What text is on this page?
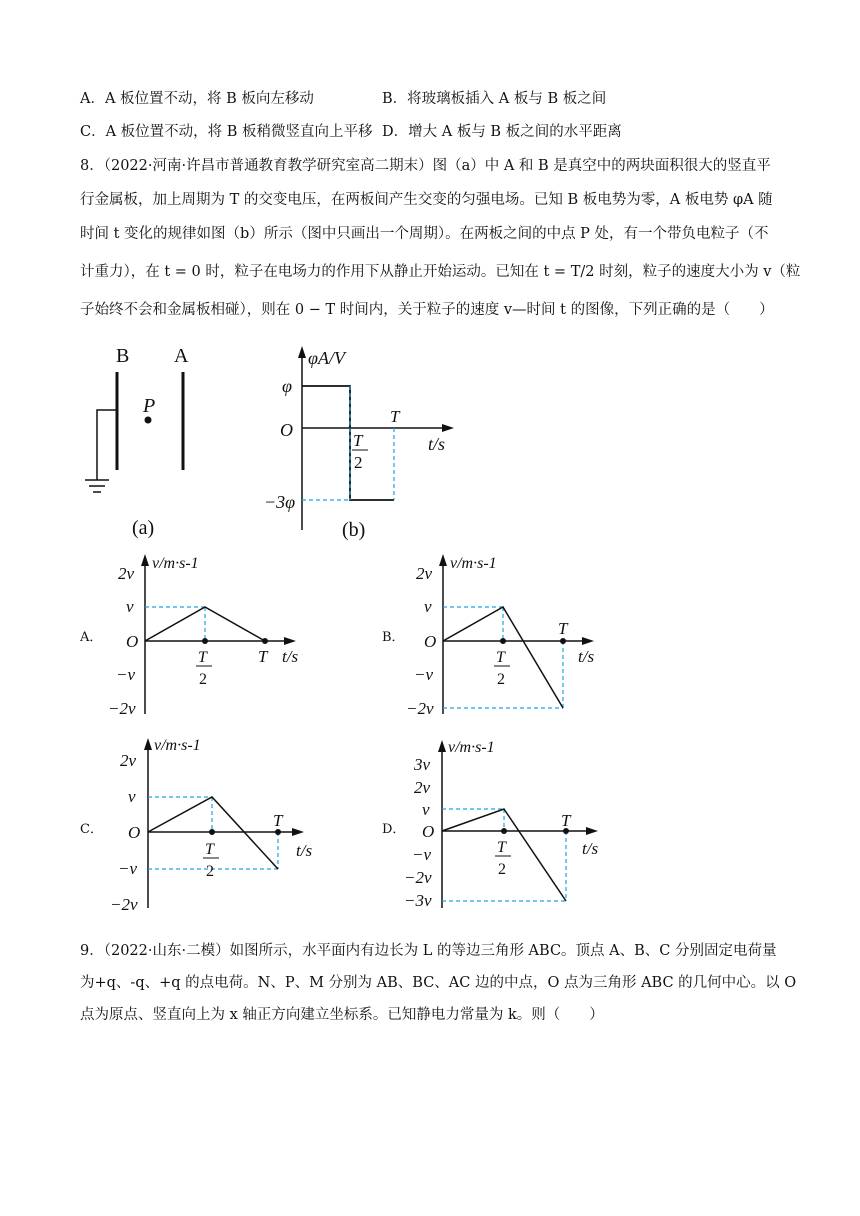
A．A 板位置不动，将 B 板向左移动	B．将玻璃板插入 A 板与 B 板之间
C．A 板位置不动，将 B 板稍微竖直向上平移 D．增大 A 板与 B 板之间的水平距离
8．（2022·河南·许昌市普通教育教学研究室高二期末）图（a）中 A 和 B 是真空中的两块面积很大的竖直平
行金属板，加上周期为 T 的交变电压，在两板间产生交变的匀强电场。已知 B 板电势为零，A 板电势 φA 随
时间 t 变化的规律如图（b）所示（图中只画出一个周期）。在两板之间的中点 P 处，有一个带负电粒子（不
计重力），在 t = 0 时，粒子在电场力的作用下从静止开始运动。已知在 t = T/2 时刻，粒子的速度大小为 v（粒
子始终不会和金属板相碰），则在 0 − T 时间内，关于粒子的速度 v—时间 t 的图像，下列正确的是（　　）
B A
P
(a)
φA/V
φ
O
−3φ
T
2
T
t/s
(b)
A．
v/m·s-1
2v
v
O
−v
−2v
T
2
T t/s
B．
v/m·s-1
2v
v
O
−v
−2v
T
2
T
t/s
C．
v/m·s-1
2v
v
O
−v
−2v
T
2
T
t/s
D．
v/m·s-1
3v
2v
v
O
−v
−2v
−3v
T
2
T
t/s
9．（2022·山东·二模）如图所示，水平面内有边长为 L 的等边三角形 ABC。顶点 A、B、C 分别固定电荷量
为+q、-q、+q 的点电荷。N、P、M 分别为 AB、BC、AC 边的中点，O 点为三角形 ABC 的几何中心。以 O
点为原点、竖直向上为 x 轴正方向建立坐标系。已知静电力常量为 k。则（　　）
